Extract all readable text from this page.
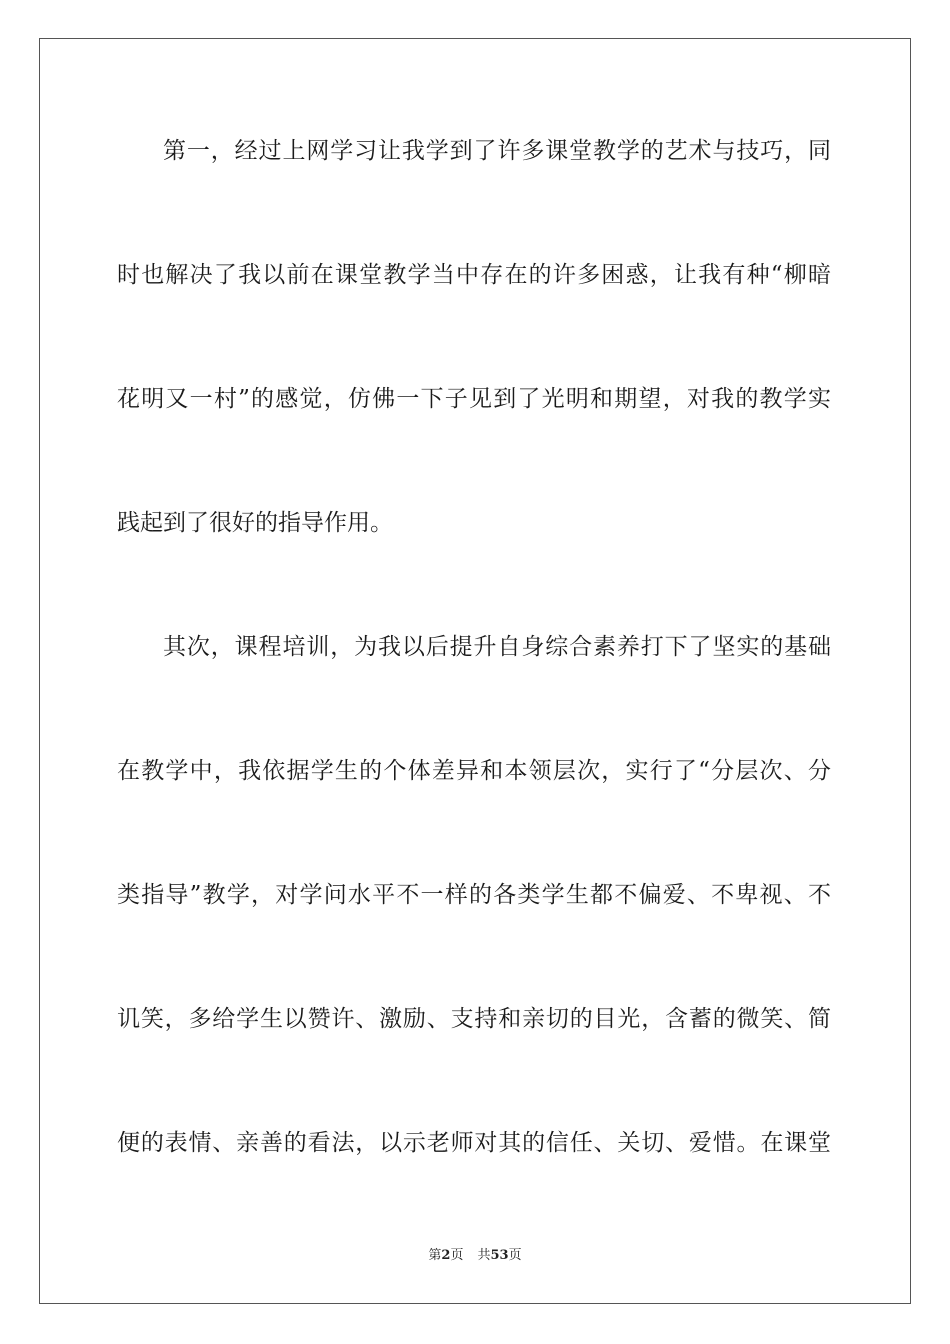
第一，经过上网学习让我学到了许多课堂教学的艺术与技巧，同
时也解决了我以前在课堂教学当中存在的许多困惑，让我有种“柳暗
花明又一村”的感觉，仿佛一下子见到了光明和期望，对我的教学实
践起到了很好的指导作用。
其次，课程培训，为我以后提升自身综合素养打下了坚实的基础
在教学中，我依据学生的个体差异和本领层次，实行了“分层次、分
类指导”教学，对学问水平不一样的各类学生都不偏爱、不卑视、不
讥笑，多给学生以赞许、激励、支持和亲切的目光，含蓄的微笑、简
便的表情、亲善的看法，以示老师对其的信任、关切、爱惜。在课堂
第2页 共53页
